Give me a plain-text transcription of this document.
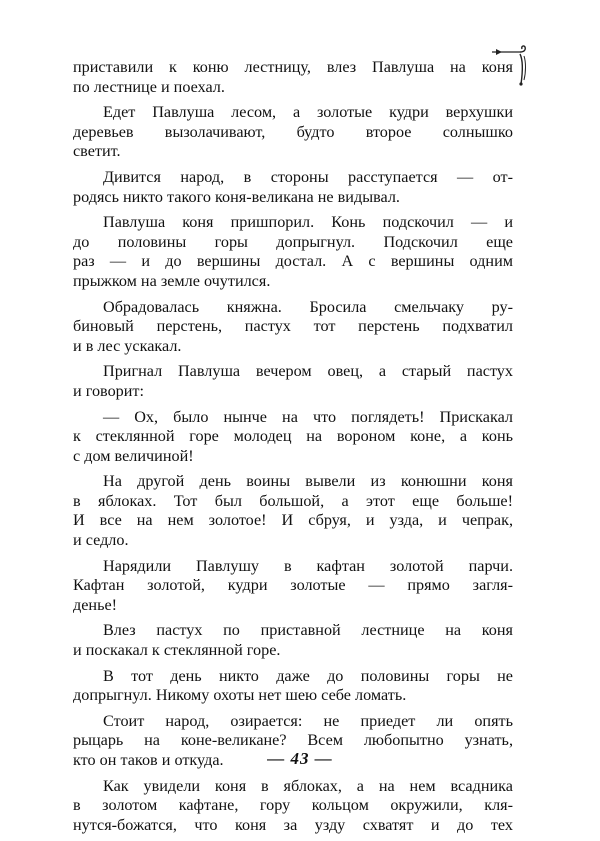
приставили к коню лестницу, влез Павлуша на коня
по лестнице и поехал.
Едет Павлуша лесом, а золотые кудри верхушки
деревьев вызолачивают, будто второе солнышко
светит.
Дивится народ, в стороны расступается — от-
родясь никто такого коня-великана не видывал.
Павлуша коня пришпорил. Конь подскочил — и
до половины горы допрыгнул. Подскочил еще
раз — и до вершины достал. А с вершины одним
прыжком на земле очутился.
Обрадовалась княжна. Бросила смельчаку ру-
биновый перстень, пастух тот перстень подхватил
и в лес ускакал.
Пригнал Павлуша вечером овец, а старый пастух
и говорит:
— Ох, было нынче на что поглядеть! Прискакал
к стеклянной горе молодец на вороном коне, а конь
с дом величиной!
На другой день воины вывели из конюшни коня
в яблоках. Тот был большой, а этот еще больше!
И все на нем золотое! И сбруя, и узда, и чепрак,
и седло.
Нарядили Павлушу в кафтан золотой парчи.
Кафтан золотой, кудри золотые — прямо загля-
денье!
Влез пастух по приставной лестнице на коня
и поскакал к стеклянной горе.
В тот день никто даже до половины горы не
допрыгнул. Никому охоты нет шею себе ломать.
Стоит народ, озирается: не приедет ли опять
рыцарь на коне-великане? Всем любопытно узнать,
кто он таков и откуда.
Как увидели коня в яблоках, а на нем всадника
в золотом кафтане, гору кольцом окружили, кля-
нутся-божатся, что коня за узду схватят и до тех
— 43 —
